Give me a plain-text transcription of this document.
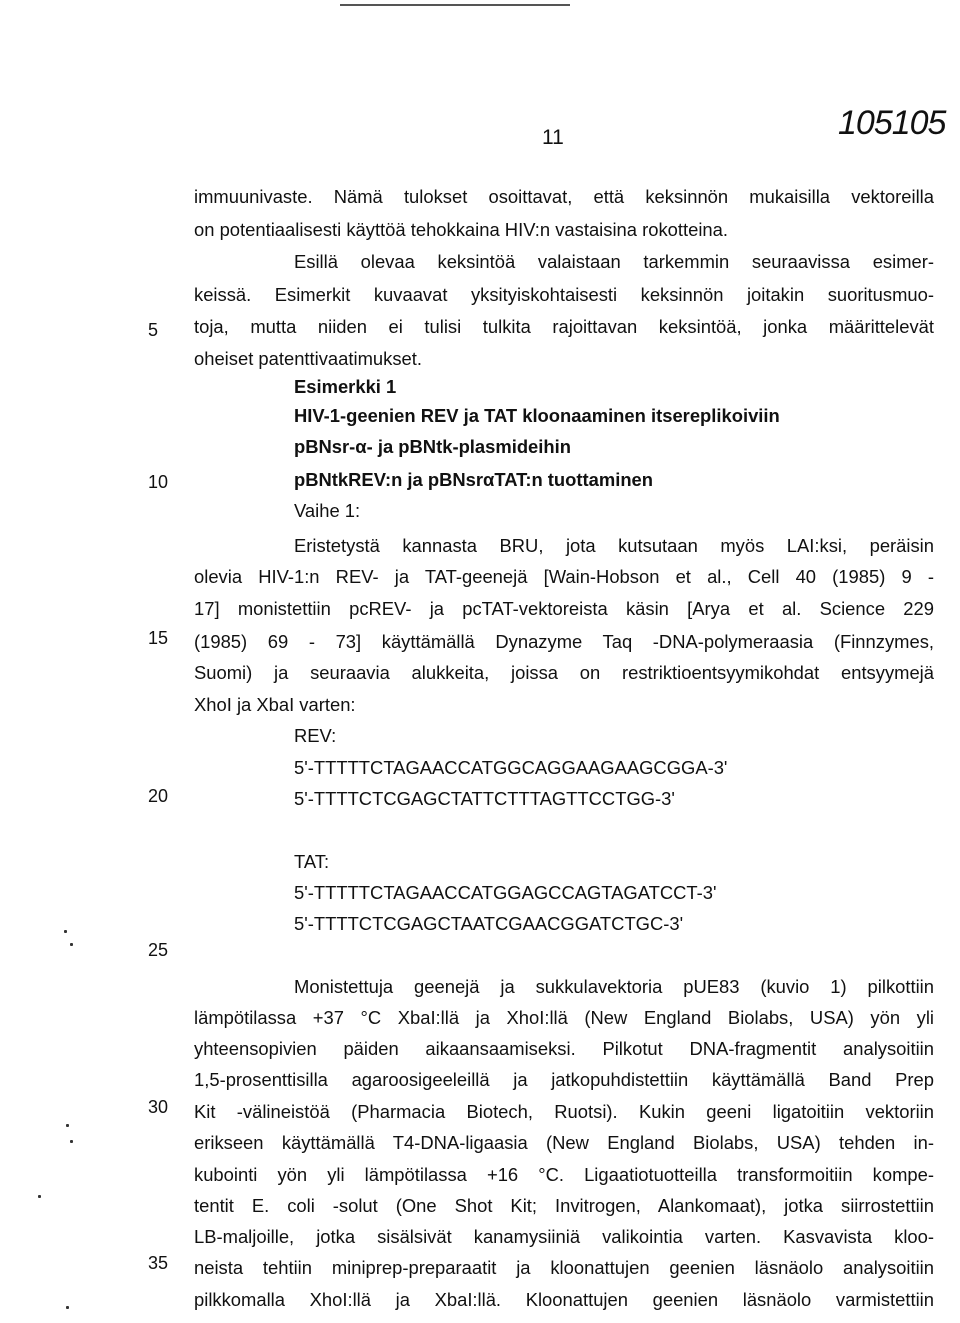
11	105105
5
10
15
20
25
30
35
immuunivaste. Nämä tulokset osoittavat, että keksinnön mukaisilla vektoreilla
on potentiaalisesti käyttöä tehokkaina HIV:n vastaisina rokotteina.
Esillä olevaa keksintöä valaistaan tarkemmin seuraavissa esimer-
keissä. Esimerkit kuvaavat yksityiskohtaisesti keksinnön joitakin suoritusmuo-
toja, mutta niiden ei tulisi tulkita rajoittavan keksintöä, jonka määrittelevät
oheiset patenttivaatimukset.
Esimerkki 1
HIV-1-geenien REV ja TAT kloonaaminen itsereplikoiviin
pBNsr-α- ja pBNtk-plasmideihin
pBNtkREV:n ja pBNsrαTAT:n tuottaminen
Vaihe 1:
Eristetystä kannasta BRU, jota kutsutaan myös LAI:ksi, peräisin
olevia HIV-1:n REV- ja TAT-geenejä [Wain-Hobson et al., Cell 40 (1985) 9 -
17] monistettiin pcREV- ja pcTAT-vektoreista käsin [Arya et al. Science 229
(1985) 69 - 73] käyttämällä Dynazyme Taq -DNA-polymeraasia (Finnzymes,
Suomi) ja seuraavia alukkeita, joissa on restriktioentsyymikohdat entsyymejä
XhoI ja XbaI varten:
REV:
5'-TTTTTCTAGAACCATGGCAGGAAGAAGCGGA-3'
5'-TTTTCTCGAGCTATTCTTTAGTTCCTGG-3'
TAT:
5'-TTTTTCTAGAACCATGGAGCCAGTAGATCCT-3'
5'-TTTTCTCGAGCTAATCGAACGGATCTGC-3'
Monistettuja geenejä ja sukkulavektoria pUE83 (kuvio 1) pilkottiin
lämpötilassa +37 °C XbaI:llä ja XhoI:llä (New England Biolabs, USA) yön yli
yhteensopivien päiden aikaansaamiseksi. Pilkotut DNA-fragmentit analysoitiin
1,5-prosenttisilla agaroosigeeleillä ja jatkopuhdistettiin käyttämällä Band Prep
Kit -välineistöä (Pharmacia Biotech, Ruotsi). Kukin geeni ligatoitiin vektoriin
erikseen käyttämällä T4-DNA-ligaasia (New England Biolabs, USA) tehden in-
kubointi yön yli lämpötilassa +16 °C. Ligaatiotuotteilla transformoitiin kompe-
tentit E. coli -solut (One Shot Kit; Invitrogen, Alankomaat), jotka siirrostettiin
LB-maljoille, jotka sisälsivät kanamysiiniä valikointia varten. Kasvavista kloo-
neista tehtiin miniprep-preparaatit ja kloonattujen geenien läsnäolo analysoitiin
pilkkomalla XhoI:llä ja XbaI:llä. Kloonattujen geenien läsnäolo varmistettiin
